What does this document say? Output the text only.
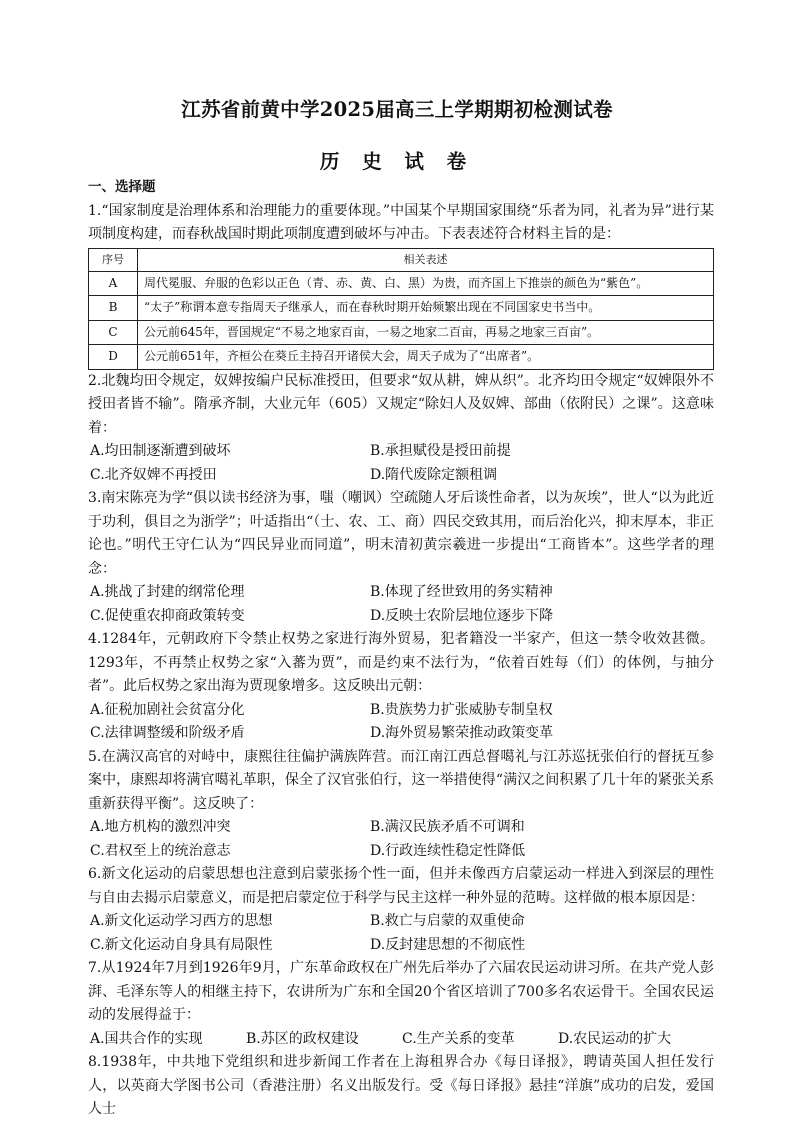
江苏省前黄中学2025届高三上学期期初检测试卷
历 史 试 卷
一、选择题

1.“国家制度是治理体系和治理能力的重要体现。”中国某个早期国家围绕“乐者为同，礼者为异”进行某项制度构建，而春秋战国时期此项制度遭到破坏与冲击。下表表述符合材料主旨的是：

序号	相关表述
A	周代冕服、弁服的色彩以正色（青、赤、黄、白、黑）为贵，而齐国上下推崇的颜色为“紫色”。
B	“太子”称谓本意专指周天子继承人，而在春秋时期开始频繁出现在不同国家史书当中。
C	公元前645年，晋国规定“不易之地家百亩，一易之地家二百亩，再易之地家三百亩”。
D	公元前651年，齐桓公在葵丘主持召开诸侯大会，周天子成为了“出席者”。

2.北魏均田令规定，奴婢按编户民标准授田，但要求“奴从耕，婢从织”。北齐均田令规定“奴婢限外不授田者皆不输”。隋承齐制，大业元年（605）又规定“除妇人及奴婢、部曲（依附民）之课”。这意味着：

A.均田制逐渐遭到破坏	B.承担赋役是授田前提
C.北齐奴婢不再授田	D.隋代废除定额租调

3.南宋陈亮为学“俱以读书经济为事，嗤（嘲讽）空疏随人牙后谈性命者，以为灰埃”，世人“以为此近于功利，俱目之为浙学”；叶适指出“（士、农、工、商）四民交致其用，而后治化兴，抑末厚本，非正论也。”明代王守仁认为“四民异业而同道”，明末清初黄宗羲进一步提出“工商皆本”。这些学者的理念：

A.挑战了封建的纲常伦理	B.体现了经世致用的务实精神
C.促使重农抑商政策转变	D.反映士农阶层地位逐步下降

4.1284年，元朝政府下令禁止权势之家进行海外贸易，犯者籍没一半家产，但这一禁令收效甚微。1293年，不再禁止权势之家“入蕃为贾”，而是约束不法行为，“依着百姓每（们）的体例，与抽分者”。此后权势之家出海为贾现象增多。这反映出元朝：

A.征税加剧社会贫富分化	B.贵族势力扩张威胁专制皇权
C.法律调整缓和阶级矛盾	D.海外贸易繁荣推动政策变革

5.在满汉高官的对峙中，康熙往往偏护满族阵营。而江南江西总督噶礼与江苏巡抚张伯行的督抚互参案中，康熙却将满官噶礼革职，保全了汉官张伯行，这一举措使得“满汉之间积累了几十年的紧张关系重新获得平衡”。这反映了：

A.地方机构的激烈冲突	B.满汉民族矛盾不可调和
C.君权至上的统治意志	D.行政连续性稳定性降低

6.新文化运动的启蒙思想也注意到启蒙张扬个性一面，但并未像西方启蒙运动一样进入到深层的理性与自由去揭示启蒙意义，而是把启蒙定位于科学与民主这样一种外显的范畴。这样做的根本原因是：

A.新文化运动学习西方的思想	B.救亡与启蒙的双重使命
C.新文化运动自身具有局限性	D.反封建思想的不彻底性

7.从1924年7月到1926年9月，广东革命政权在广州先后举办了六届农民运动讲习所。在共产党人彭湃、毛泽东等人的相继主持下，农讲所为广东和全国20个省区培训了700多名农运骨干。全国农民运动的发展得益于：

A.国共合作的实现	B.苏区的政权建设	C.生产关系的变革	D.农民运动的扩大

8.1938年，中共地下党组织和进步新闻工作者在上海租界合办《每日译报》，聘请英国人担任发行人，以英商大学图书公司（香港注册）名义出版发行。受《每日译报》悬挂“洋旗”成功的启发，爱国人士
